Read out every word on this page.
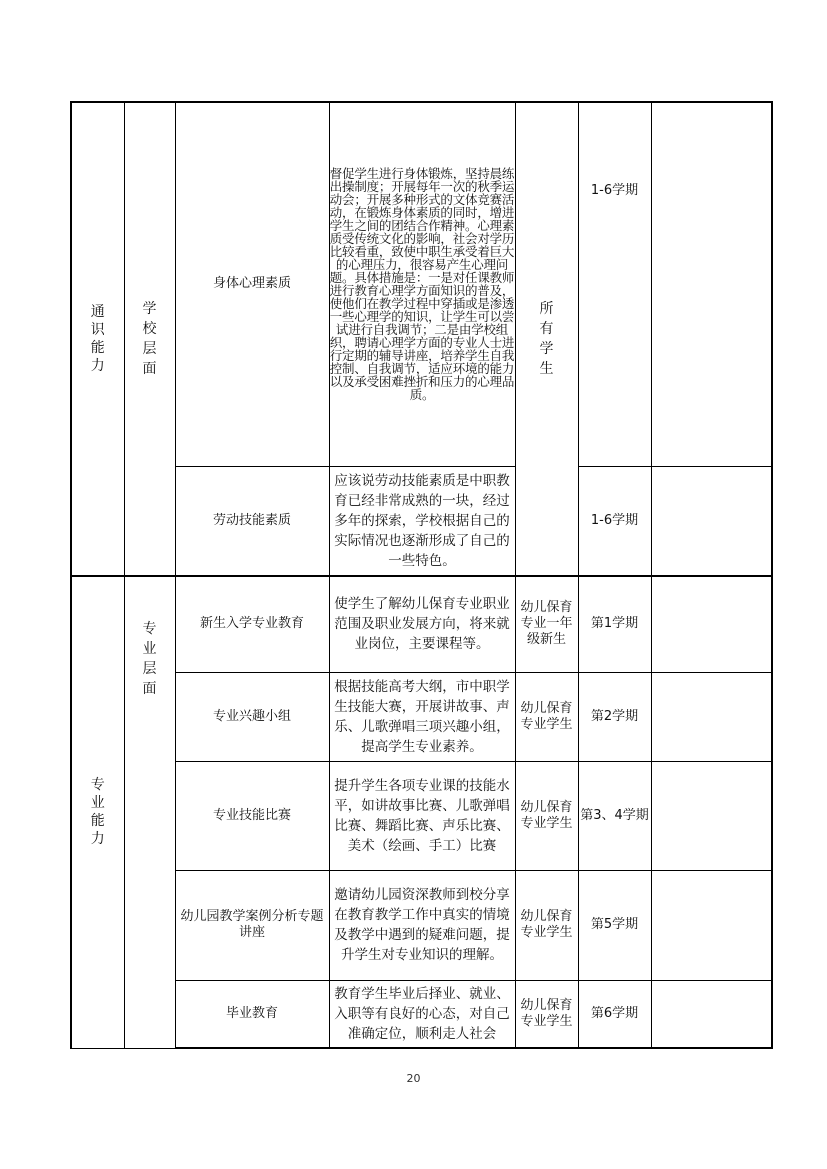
通识能力	学校层面	身体心理素质	督促学生进行身体锻炼，坚持晨练出操制度；开展每年一次的秋季运动会；开展多种形式的文体竞赛活动，在锻炼身体素质的同时，增进学生之间的团结合作精神。心理素质受传统文化的影响，社会对学历比较看重，致使中职生承受着巨大的心理压力，很容易产生心理问题。具体措施是：一是对任课教师进行教育心理学方面知识的普及，使他们在教学过程中穿插或是渗透一些心理学的知识，让学生可以尝试进行自我调节；二是由学校组织，聘请心理学方面的专业人士进行定期的辅导讲座，培养学生自我控制、自我调节，适应环境的能力以及承受困难挫折和压力的心理品质。	所有学生	1-6学期	
		劳动技能素质	应该说劳动技能素质是中职教育已经非常成熟的一块，经过多年的探索，学校根据自己的实际情况也逐渐形成了自己的一些特色。		1-6学期	
专业能力	专业层面	新生入学专业教育	使学生了解幼儿保育专业职业范围及职业发展方向，将来就业岗位，主要课程等。	幼儿保育专业一年级新生	第1学期	
		专业兴趣小组	根据技能高考大纲，市中职学生技能大赛，开展讲故事、声乐、儿歌弹唱三项兴趣小组，提高学生专业素养。	幼儿保育专业学生	第2学期	
		专业技能比赛	提升学生各项专业课的技能水平，如讲故事比赛、儿歌弹唱比赛、舞蹈比赛、声乐比赛、美术（绘画、手工）比赛	幼儿保育专业学生	第3、4学期	
		幼儿园教学案例分析专题讲座	邀请幼儿园资深教师到校分享在教育教学工作中真实的情境及教学中遇到的疑难问题，提升学生对专业知识的理解。	幼儿保育专业学生	第5学期	
		毕业教育	教育学生毕业后择业、就业、入职等有良好的心态，对自己准确定位，顺利走人社会	幼儿保育专业学生	第6学期	
20
